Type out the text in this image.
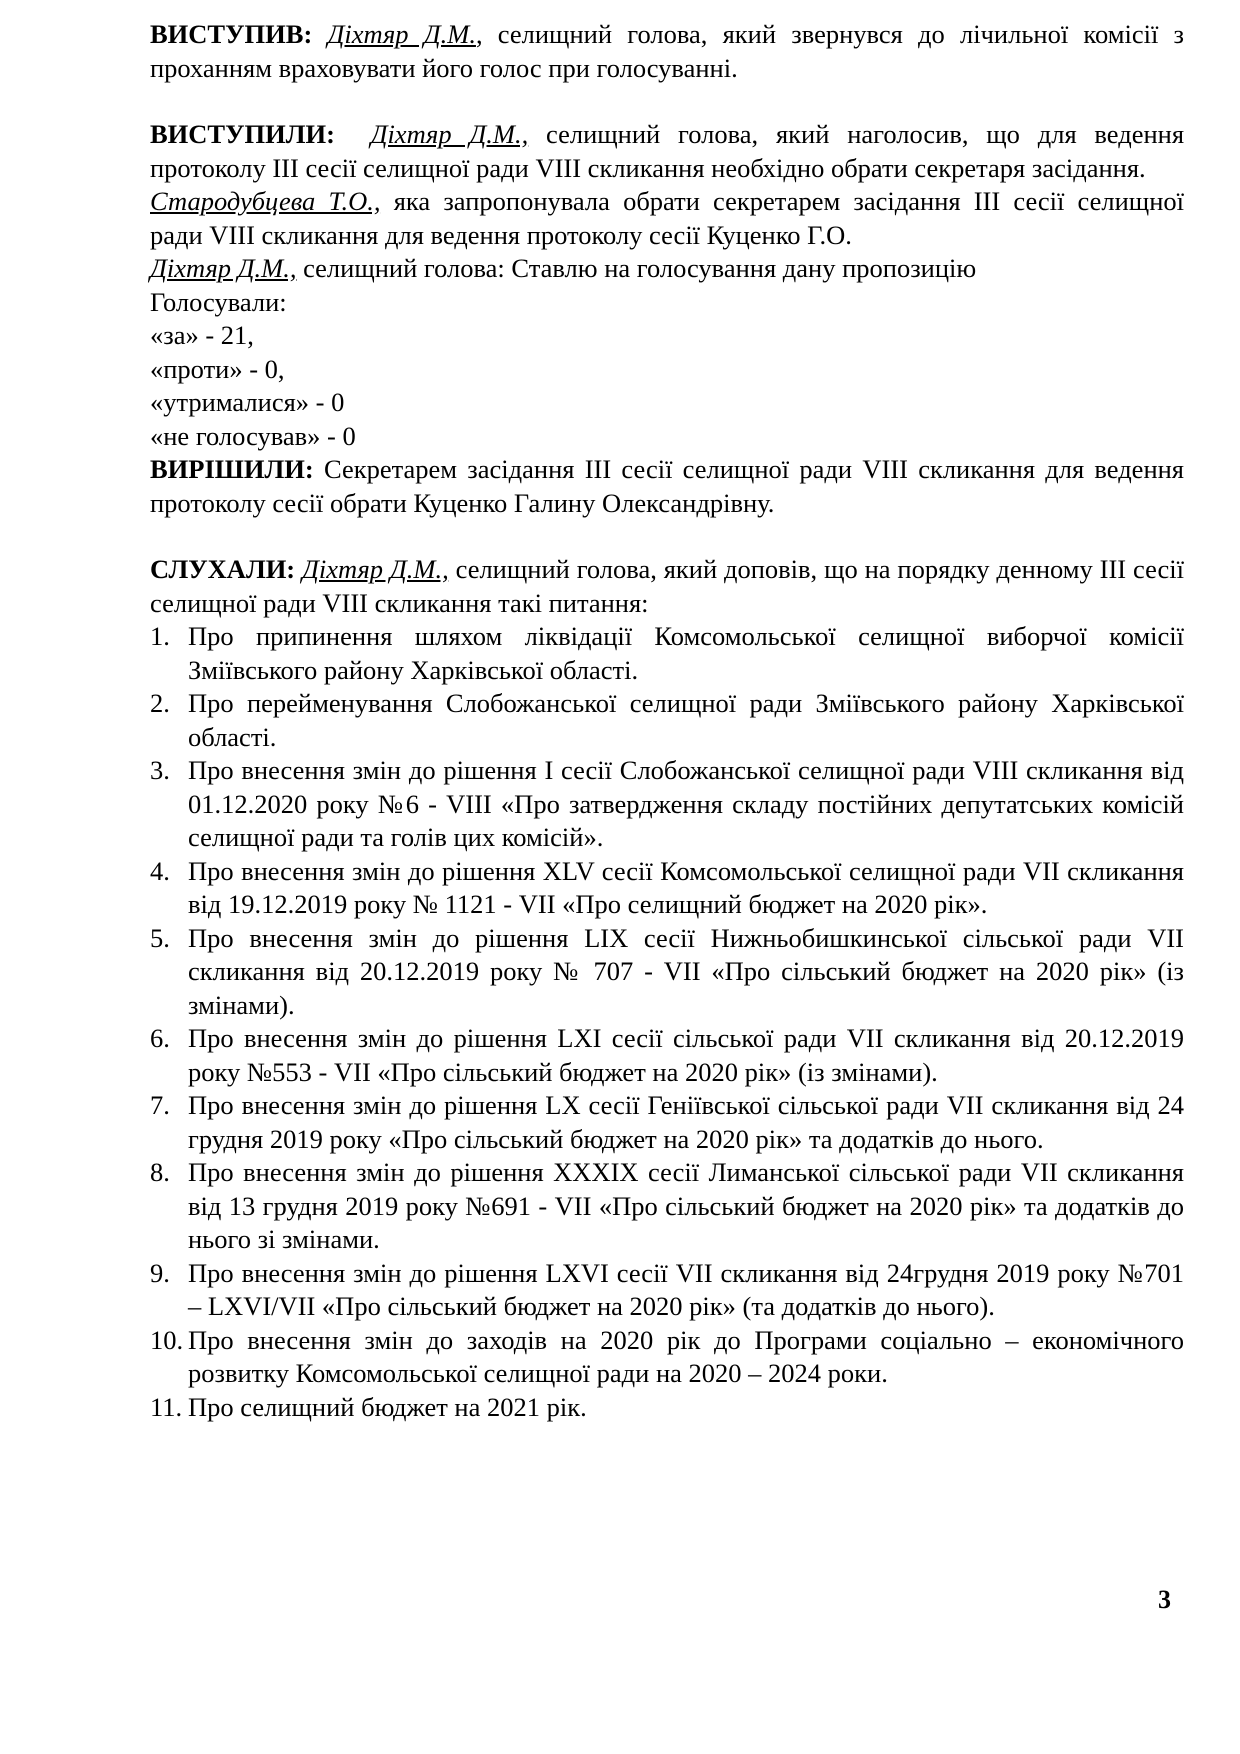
ВИСТУПИВ: Діхтяр Д.М., селищний голова, який звернувся до лічильної комісії з проханням враховувати його голос при голосуванні.

ВИСТУПИЛИ: Діхтяр Д.М., селищний голова, який наголосив, що для ведення протоколу ІІІ сесії селищної ради VIII скликання необхідно обрати секретаря засідання.

Стародубцева Т.О., яка запропонувала обрати секретарем засідання ІІІ сесії селищної ради VIII скликання для ведення протоколу сесії Куценко Г.О.

Діхтяр Д.М., селищний голова: Ставлю на голосування дану пропозицію

Голосували:

«за» - 21,

«проти» - 0,

«утрималися» - 0

«не голосував» - 0

ВИРІШИЛИ: Секретарем засідання ІІІ сесії селищної ради VIII скликання для ведення протоколу сесії обрати Куценко Галину Олександрівну.

СЛУХАЛИ: Діхтяр Д.М., селищний голова, який доповів, що на порядку денному ІІІ сесії селищної ради VIII скликання такі питання:

1. Про припинення шляхом ліквідації Комсомольської селищної виборчої комісії Зміївського району Харківської області.
2. Про перейменування Слобожанської селищної ради Зміївського району Харківської області.
3. Про внесення змін до рішення І сесії Слобожанської селищної ради VIII скликання від 01.12.2020 року №6 - VIII «Про затвердження складу постійних депутатських комісій селищної ради та голів цих комісій».
4. Про внесення змін до рішення XLV сесії Комсомольської селищної ради VII скликання від 19.12.2019 року № 1121 - VII «Про селищний бюджет на 2020 рік».
5. Про внесення змін до рішення LIX сесії Нижньобишкинської сільської ради VII скликання від 20.12.2019 року № 707 - VII «Про сільський бюджет на 2020 рік» (із змінами).
6. Про внесення змін до рішення LXI сесії сільської ради VII скликання від 20.12.2019 року №553 - VII «Про сільський бюджет на 2020 рік» (із змінами).
7. Про внесення змін до рішення LX сесії Геніївської сільської ради VII скликання від 24 грудня 2019 року «Про сільський бюджет на 2020 рік» та додатків до нього.
8. Про внесення змін до рішення XXXIX сесії Лиманської сільської ради VII скликання від 13 грудня 2019 року №691 - VII «Про сільський бюджет на 2020 рік» та додатків до нього зі змінами.
9. Про внесення змін до рішення LXVI сесії VII скликання від 24грудня 2019 року №701 – LXVI/VII «Про сільський бюджет на 2020 рік» (та додатків до нього).
10. Про внесення змін до заходів на 2020 рік до Програми соціально – економічного розвитку Комсомольської селищної ради на 2020 – 2024 роки.
11. Про селищний бюджет на 2021 рік.
3
